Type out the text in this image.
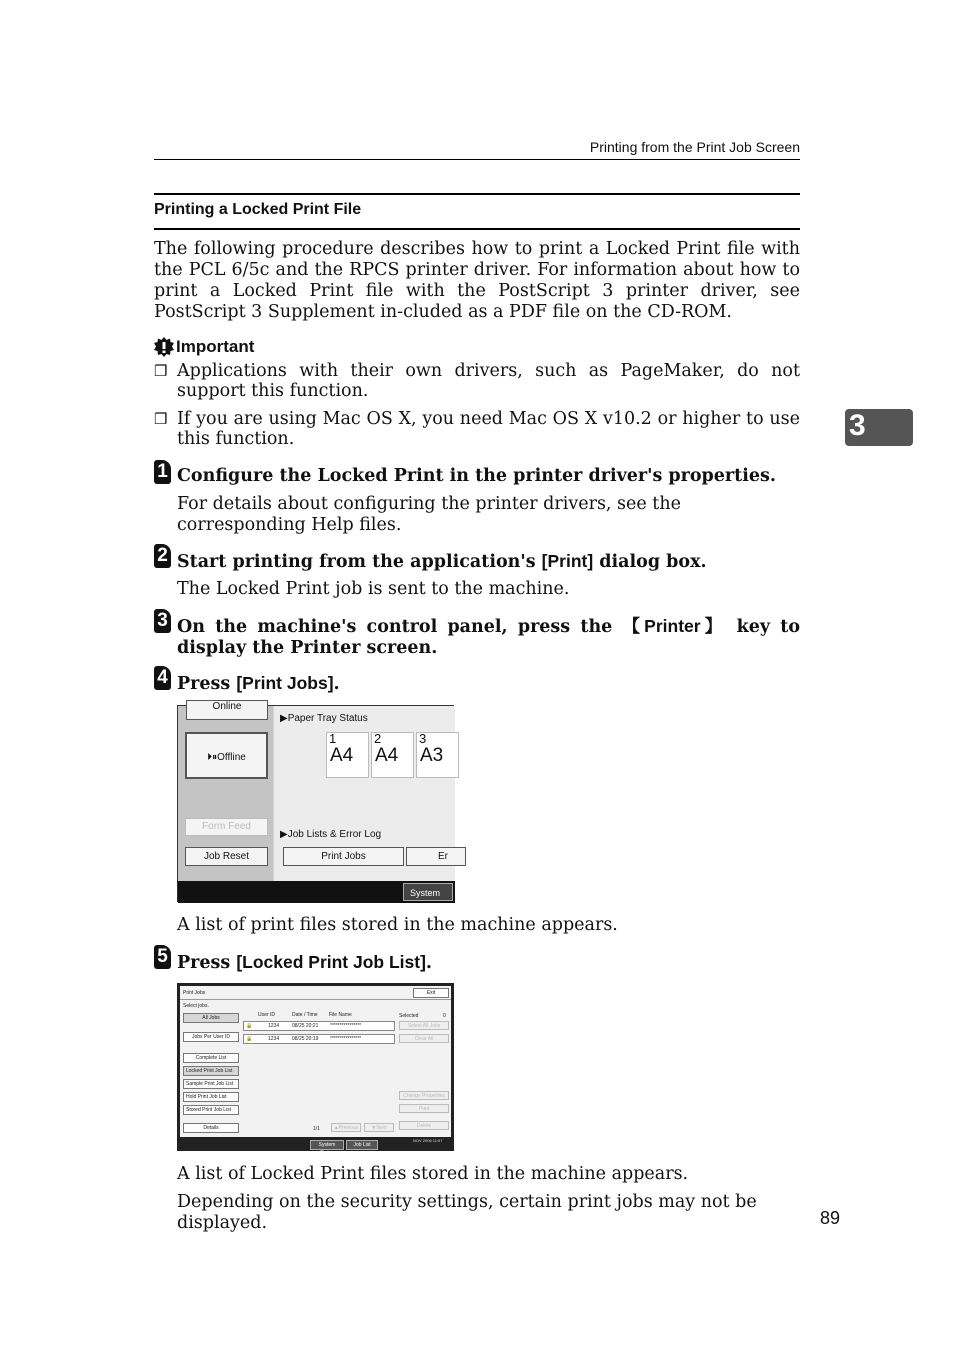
Printing from the Print Job Screen
Printing a Locked Print File
The following procedure describes how to print a Locked Print file with the PCL 6/5c and the RPCS printer driver. For information about how to print a Locked Print file with the PostScript 3 printer driver, see PostScript 3 Supplement in-cluded as a PDF file on the CD-ROM.
Important
❒ Applications with their own drivers, such as PageMaker, do not support this function.
❒ If you are using Mac OS X, you need Mac OS X v10.2 or higher to use this function.	3
1 Configure the Locked Print in the printer driver's properties.
For details about configuring the printer drivers, see the corresponding Help files.
2 Start printing from the application's [Print] dialog box.
The Locked Print job is sent to the machine.
3 On the machine's control panel, press the 【Printer】 key to display the Printer screen.
4 Press [Print Jobs].
Online
⏵⏸Offline
▶Paper Tray Status
1
A4
2
A4
3
A3
Form Feed
▶Job Lists & Error Log
Job Reset	Print Jobs	Er
System Statu
A list of print files stored in the machine appears.
5 Press [Locked Print Job List].
Print Jobs	Exit
Select jobs.
All Jobs
Jobs Per User ID
Complete List
Locked Print Job List
Sample Print Job List
Hold Print Job List
Stored Print Job List
Details
User ID	Date / Time File Name	Selected	0
🔒	1234	08/25 20:21 ****************
🔒	1234	08/25 20:19 ****************
Select All Jobs
Clear All
Change Properties
Print
Delete
1/1	▲Previous	▼Next
System Status
Job List
NOV 2006 11:57
A list of Locked Print files stored in the machine appears.
Depending on the security settings, certain print jobs may not be displayed.	89
